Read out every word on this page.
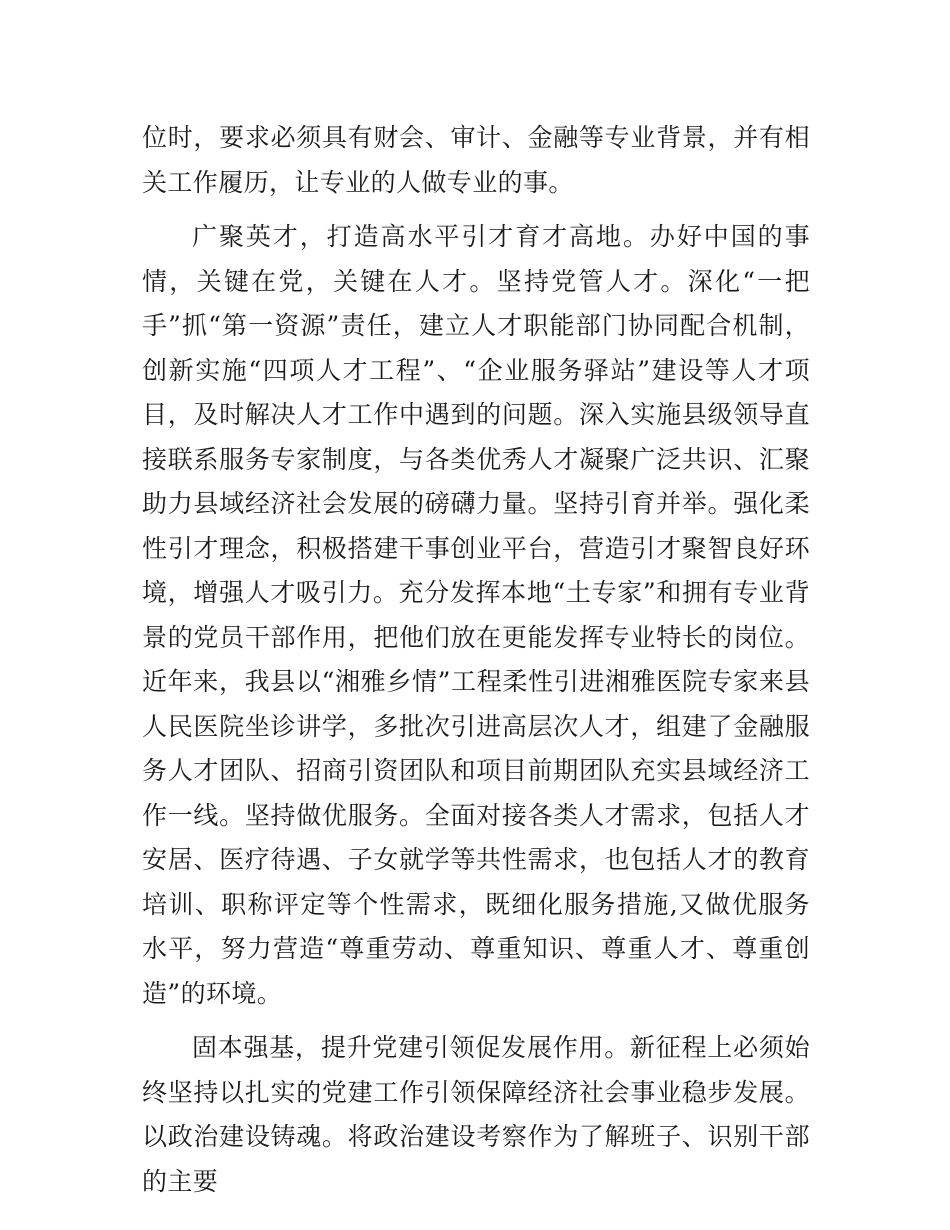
位时，要求必须具有财会、审计、金融等专业背景，并有相关工作履历，让专业的人做专业的事。

广聚英才，打造高水平引才育才高地。办好中国的事情，关键在党，关键在人才。坚持党管人才。深化“一把手”抓“第一资源”责任，建立人才职能部门协同配合机制，创新实施“四项人才工程”、“企业服务驿站”建设等人才项目，及时解决人才工作中遇到的问题。深入实施县级领导直接联系服务专家制度，与各类优秀人才凝聚广泛共识、汇聚助力县域经济社会发展的磅礴力量。坚持引育并举。强化柔性引才理念，积极搭建干事创业平台，营造引才聚智良好环境，增强人才吸引力。充分发挥本地“土专家”和拥有专业背景的党员干部作用，把他们放在更能发挥专业特长的岗位。近年来，我县以“湘雅乡情”工程柔性引进湘雅医院专家来县人民医院坐诊讲学，多批次引进高层次人才，组建了金融服务人才团队、招商引资团队和项目前期团队充实县域经济工作一线。坚持做优服务。全面对接各类人才需求，包括人才安居、医疗待遇、子女就学等共性需求，也包括人才的教育培训、职称评定等个性需求，既细化服务措施,又做优服务水平，努力营造“尊重劳动、尊重知识、尊重人才、尊重创造”的环境。

固本强基，提升党建引领促发展作用。新征程上必须始终坚持以扎实的党建工作引领保障经济社会事业稳步发展。以政治建设铸魂。将政治建设考察作为了解班子、识别干部的主要
